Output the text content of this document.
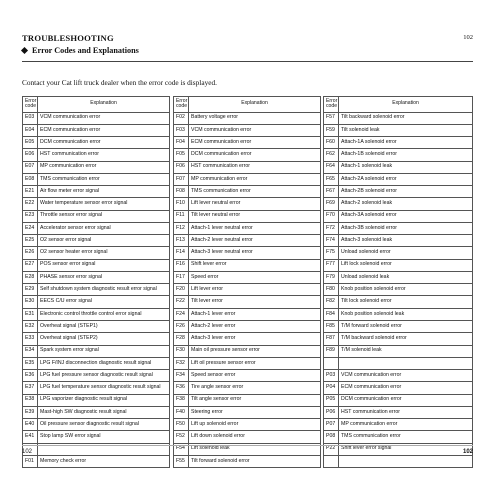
TROUBLESHOOTING	102
Error Codes and Explanations
Contact your Cat lift truck dealer when the error code is displayed.
Error code	Explanation
E03	VCM communication error
E04	ECM communication error
E05	DCM communication error
E06	HST communication error
E07	MP communication error
E08	TMS communication error
E21	Air flow meter error signal
E22	Water temperature sensor error signal
E23	Throttle sensor error signal
E24	Accelerator sensor error signal
E25	O2 sensor error signal
E26	O2 sensor heater error signal
E27	POS sensor error signal
E28	PHASE sensor error signal
E29	Self shutdown system diagnostic result error signal
E30	EECS C/U error signal
E31	Electronic control throttle control error signal
E32	Overheat signal (STEP1)
E33	Overheat signal (STEP2)
E34	Spark system error signal
E35	LPG F/INJ disconnection diagnostic result signal
E36	LPG fuel pressure sensor diagnostic result signal
E37	LPG fuel temperature sensor diagnostic result signal
E38	LPG vaporizer diagnostic result signal
E39	Mast-high SW diagnostic result signal
E40	Oil pressure sensor diagnostic result signal
E41	Stop lamp SW error signal

F01	Memory check error
Error code	Explanation
F02	Battery voltage error
F03	VCM communication error
F04	ECM communication error
F05	DCM communication error
F06	HST communication error
F07	MP communication error
F08	TMS communication error
F10	Lift lever neutral error
F11	Tilt lever neutral error
F12	Attach-1 lever neutral error
F13	Attach-2 lever neutral error
F14	Attach-3 lever neutral error
F16	Shift lever error
F17	Speed error
F20	Lift lever error
F22	Tilt lever error
F24	Attach-1 lever error
F26	Attach-2 lever error
F28	Attach-3 lever error
F30	Main oil pressure sensor error
F32	Lift oil pressure sensor error
F34	Speed sensor error
F36	Tire angle sensor error
F38	Tilt angle sensor error
F40	Steering error
F50	Lift up solenoid error
F52	Lift down solenoid error
F54	Lift solenoid leak
F55	Tilt forward solenoid error
Error code	Explanation
F57	Tilt backward solenoid error
F59	Tilt solenoid leak
F60	Attach-1A solenoid error
F62	Attach-1B solenoid error
F64	Attach-1 solenoid leak
F65	Attach-2A solenoid error
F67	Attach-2B solenoid error
F69	Attach-2 solenoid leak
F70	Attach-3A solenoid error
F72	Attach-3B solenoid error
F74	Attach-3 solenoid leak
F75	Unload solenoid error
F77	Lift lock solenoid error
F79	Unload solenoid leak
F80	Knob position solenoid error
F82	Tilt lock solenoid error
F84	Knob position solenoid leak
F85	T/M forward solenoid error
F87	T/M backward solenoid error
F89	T/M solenoid leak

P03	VCM communication error
P04	ECM communication error
P05	DCM communication error
P06	HST communication error
P07	MP communication error
P08	TMS communication error
P22	Shift lever error signal

102	102
